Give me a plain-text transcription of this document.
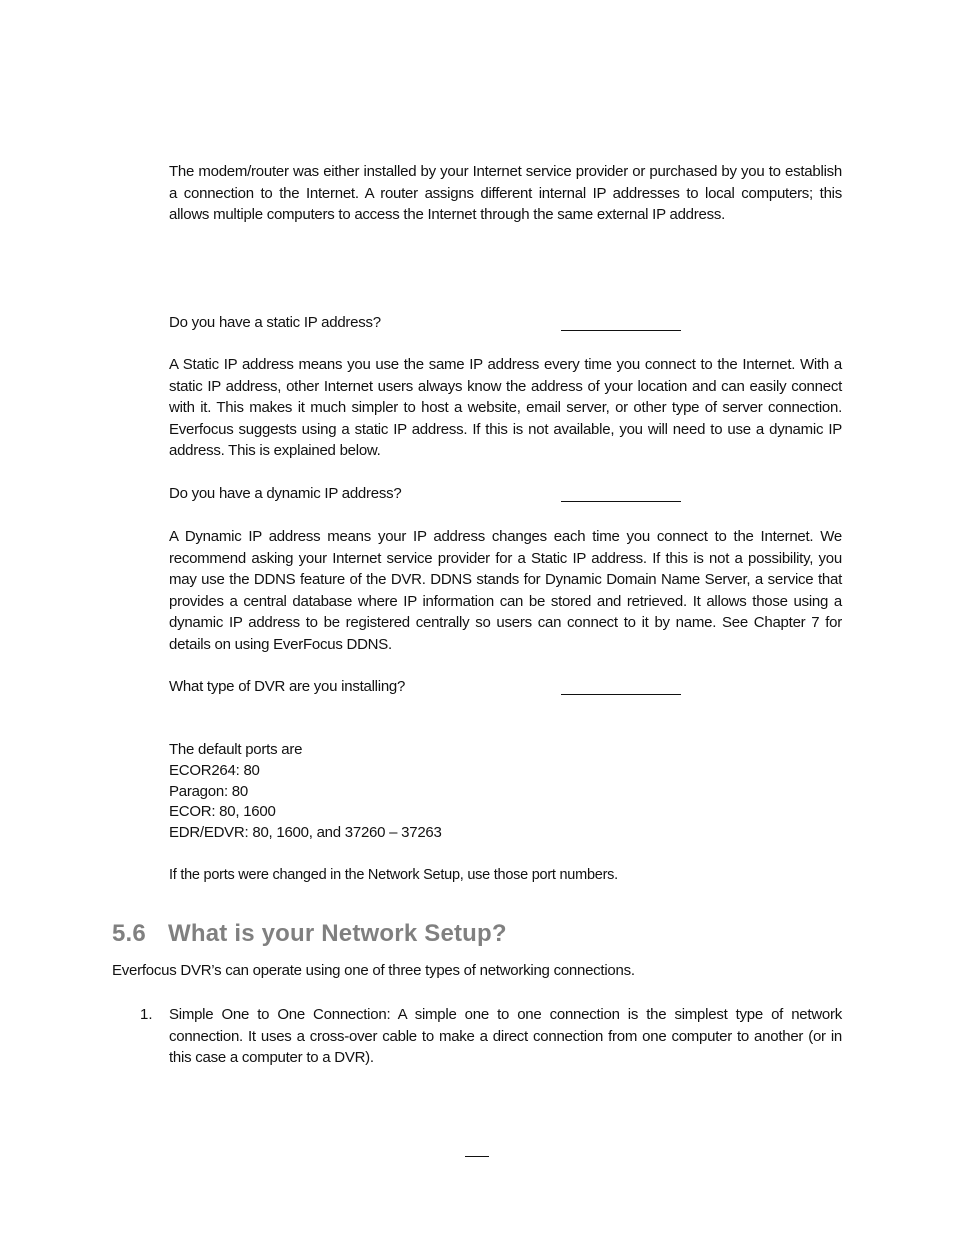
The modem/router was either installed by your Internet service provider or purchased by you to establish a connection to the Internet. A router assigns different internal IP addresses to local computers; this allows multiple computers to access the Internet through the same external IP address.

Do you have a static IP address?

A Static IP address means you use the same IP address every time you connect to the Internet. With a static IP address, other Internet users always know the address of your location and can easily connect with it. This makes it much simpler to host a website, email server, or other type of server connection. Everfocus suggests using a static IP address. If this is not available, you will need to use a dynamic IP address. This is explained below.

Do you have a dynamic IP address?

A Dynamic IP address means your IP address changes each time you connect to the Internet. We recommend asking your Internet service provider for a Static IP address. If this is not a possibility, you may use the DDNS feature of the DVR. DDNS stands for Dynamic Domain Name Server, a service that provides a central database where IP information can be stored and retrieved. It allows those using a dynamic IP address to be registered centrally so users can connect to it by name. See Chapter 7 for details on using EverFocus DDNS.

What type of DVR are you installing?
The default ports are
ECOR264: 80
Paragon: 80
ECOR: 80, 1600
EDR/EDVR: 80, 1600, and 37260 – 37263

If the ports were changed in the Network Setup, use those port numbers.

5.6 What is your Network Setup?

Everfocus DVR’s can operate using one of three types of networking connections.

1. Simple One to One Connection: A simple one to one connection is the simplest type of network connection. It uses a cross-over cable to make a direct connection from one computer to another (or in this case a computer to a DVR).
